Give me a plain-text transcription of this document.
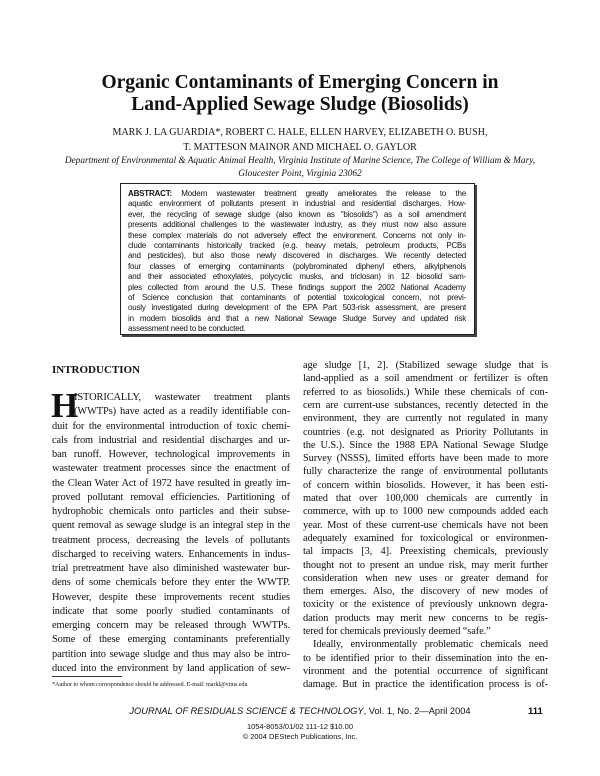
Organic Contaminants of Emerging Concern in
Land-Applied Sewage Sludge (Biosolids)
MARK J. LA GUARDIA*, ROBERT C. HALE, ELLEN HARVEY, ELIZABETH O. BUSH,
T. MATTESON MAINOR AND MICHAEL O. GAYLOR
Department of Environmental & Aquatic Animal Health, Virginia Institute of Marine Science, The College of William & Mary,
Gloucester Point, Virginia 23062
ABSTRACT: Modern wastewater treatment greatly ameliorates the release to the
aquatic environment of pollutants present in industrial and residential discharges. How-
ever, the recycling of sewage sludge (also known as "biosolids") as a soil amendment
presents additional challenges to the wastewater industry, as they must now also assure
these complex materials do not adversely effect the environment. Concerns not only in-
clude contaminants historically tracked (e.g. heavy metals, petroleum products, PCBs
and pesticides), but also those newly discovered in discharges. We recently detected
four classes of emerging contaminants (polybrominated diphenyl ethers, alkylphenols
and their associated ethoxylates, polycyclic musks, and triclosan) in 12 biosolid sam-
ples collected from around the U.S. These findings support the 2002 National Academy
of Science conclusion that contaminants of potential toxicological concern, not previ-
ously investigated during development of the EPA Part 503-risk assessment, are present
in modern biosolids and that a new National Sewage Sludge Survey and updated risk
assessment need to be conducted.
INTRODUCTION
H
ISTORICALLY, wastewater treatment plants
(WWTPs) have acted as a readily identifiable con-
duit for the environmental introduction of toxic chemi-
cals from industrial and residential discharges and ur-
ban runoff. However, technological improvements in
wastewater treatment processes since the enactment of
the Clean Water Act of 1972 have resulted in greatly im-
proved pollutant removal efficiencies. Partitioning of
hydrophobic chemicals onto particles and their subse-
quent removal as sewage sludge is an integral step in the
treatment process, decreasing the levels of pollutants
discharged to receiving waters. Enhancements in indus-
trial pretreatment have also diminished wastewater bur-
dens of some chemicals before they enter the WWTP.
However, despite these improvements recent studies
indicate that some poorly studied contaminants of
emerging concern may be released through WWTPs.
Some of these emerging contaminants preferentially
partition into sewage sludge and thus may also be intro-
duced into the environment by land application of sew-
age sludge [1, 2]. (Stabilized sewage sludge that is
land-applied as a soil amendment or fertilizer is often
referred to as biosolids.) While these chemicals of con-
cern are current-use substances, recently detected in the
environment, they are currently not regulated in many
countries (e.g. not designated as Priority Pollutants in
the U.S.). Since the 1988 EPA National Sewage Sludge
Survey (NSSS), limited efforts have been made to more
fully characterize the range of environmental pollutants
of concern within biosolids. However, it has been esti-
mated that over 100,000 chemicals are currently in
commerce, with up to 1000 new compounds added each
year. Most of these current-use chemicals have not been
adequately examined for toxicological or environmen-
tal impacts [3, 4]. Preexisting chemicals, previously
thought not to present an undue risk, may merit further
consideration when new uses or greater demand for
them emerges. Also, the discovery of new modes of
toxicity or the existence of previously unknown degra-
dation products may merit new concerns to be regis-
tered for chemicals previously deemed “safe.”
Ideally, environmentally problematic chemicals need
to be identified prior to their dissemination into the en-
vironment and the potential occurrence of significant
damage. But in practice the identification process is of-
*Author to whom correspondence should be addressed. E-mail: markl@vims.edu
JOURNAL OF RESIDUALS SCIENCE & TECHNOLOGY, Vol. 1, No. 2—April 2004	111
1054-8053/01/02 111-12 $10.00
© 2004 DEStech Publications, Inc.
